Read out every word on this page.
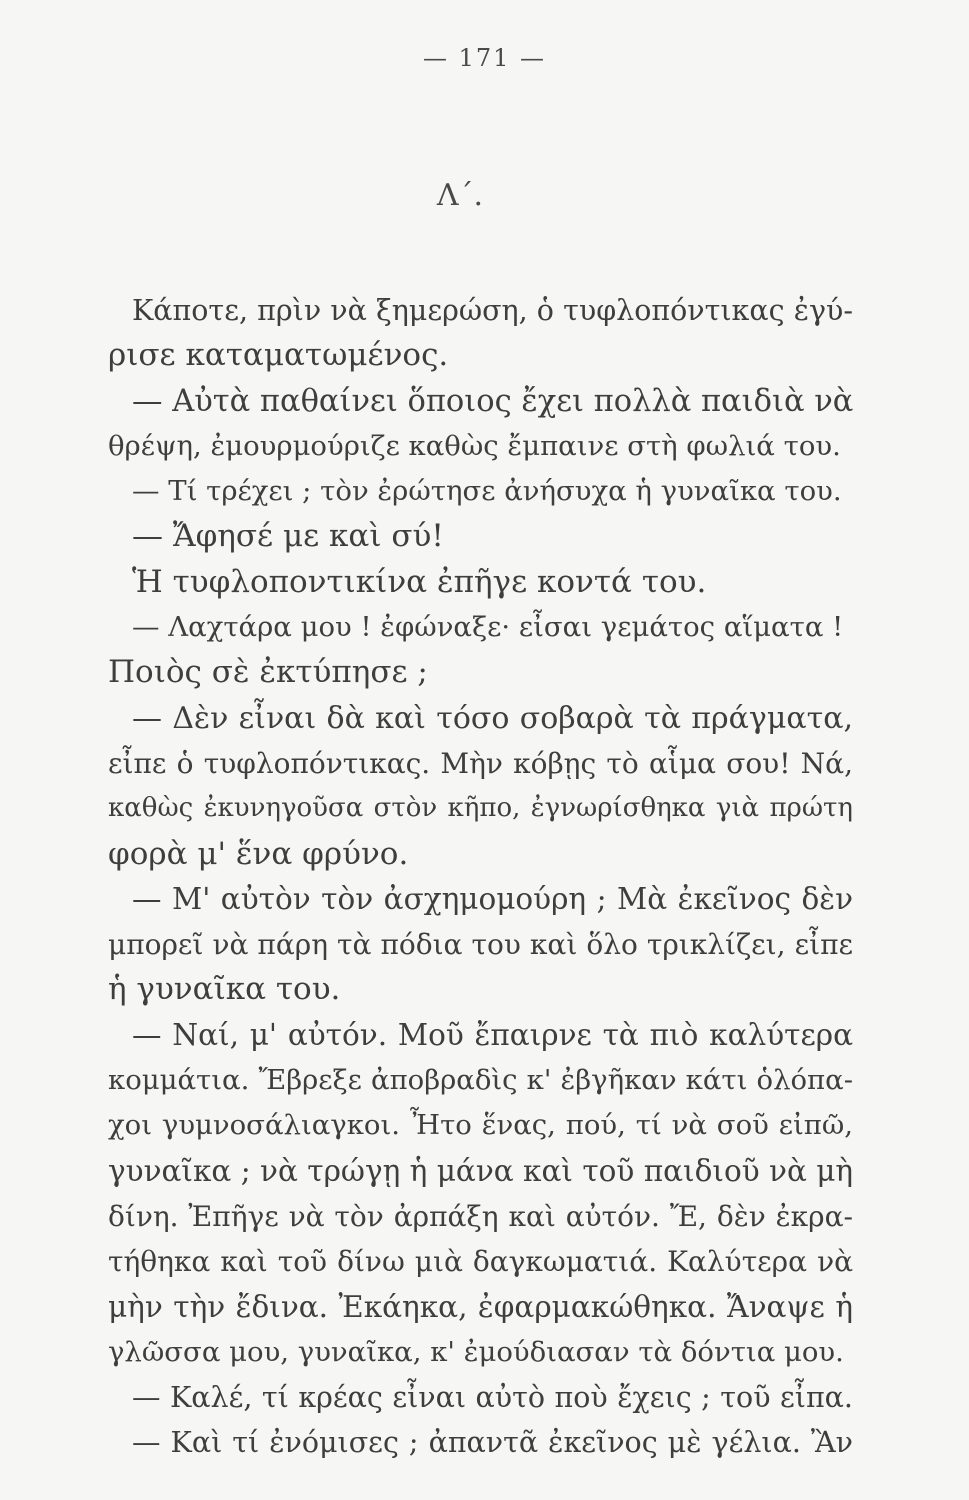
— 171 —
Λ΄.
Κάποτε, πρὶν νὰ ξημερώση, ὁ τυφλοπόντικας ἐγύ-
ρισε καταματωμένος.
— Αὐτὰ παθαίνει ὅποιος ἔχει πολλὰ παιδιὰ νὰ
θρέψη, ἐμουρμούριζε καθὼς ἔμπαινε στὴ φωλιά του.
— Τί τρέχει ; τὸν ἐρώτησε ἀνήσυχα ἡ γυναῖκα του.
— Ἄφησέ με καὶ σύ!
Ἡ τυφλοποντικίνα ἐπῆγε κοντά του.
— Λαχτάρα μου ! ἐφώναξε· εἶσαι γεμάτος αἵματα !
Ποιὸς σὲ ἐκτύπησε ;
— Δὲν εἶναι δὰ καὶ τόσο σοβαρὰ τὰ πράγματα,
εἶπε ὁ τυφλοπόντικας. Μὴν κόβῃς τὸ αἷμα σου! Νά,
καθὼς ἐκυνηγοῦσα στὸν κῆπο, ἐγνωρίσθηκα γιὰ πρώτη
φορὰ μ' ἕνα φρύνο.
— Μ' αὐτὸν τὸν ἀσχημομούρη ; Μὰ ἐκεῖνος δὲν
μπορεῖ νὰ πάρη τὰ πόδια του καὶ ὅλο τρικλίζει, εἶπε
ἡ γυναῖκα του.
— Ναί, μ' αὐτόν. Μοῦ ἔπαιρνε τὰ πιὸ καλύτερα
κομμάτια. Ἔβρεξε ἀποβραδὶς κ' ἐβγῆκαν κάτι ὁλόπα-
χοι γυμνοσάλιαγκοι. Ἦτο ἕνας, πού, τί νὰ σοῦ εἰπῶ,
γυναῖκα ; νὰ τρώγῃ ἡ μάνα καὶ τοῦ παιδιοῦ νὰ μὴ
δίνη. Ἐπῆγε νὰ τὸν ἀρπάξη καὶ αὐτόν. Ἔ, δὲν ἐκρα-
τήθηκα καὶ τοῦ δίνω μιὰ δαγκωματιά. Καλύτερα νὰ
μὴν τὴν ἔδινα. Ἐκάηκα, ἐφαρμακώθηκα. Ἄναψε ἡ
γλῶσσα μου, γυναῖκα, κ' ἐμούδιασαν τὰ δόντια μου.
— Καλέ, τί κρέας εἶναι αὐτὸ ποὺ ἔχεις ; τοῦ εἶπα.
— Καὶ τί ἐνόμισες ; ἀπαντᾶ ἐκεῖνος μὲ γέλια. Ἂν
